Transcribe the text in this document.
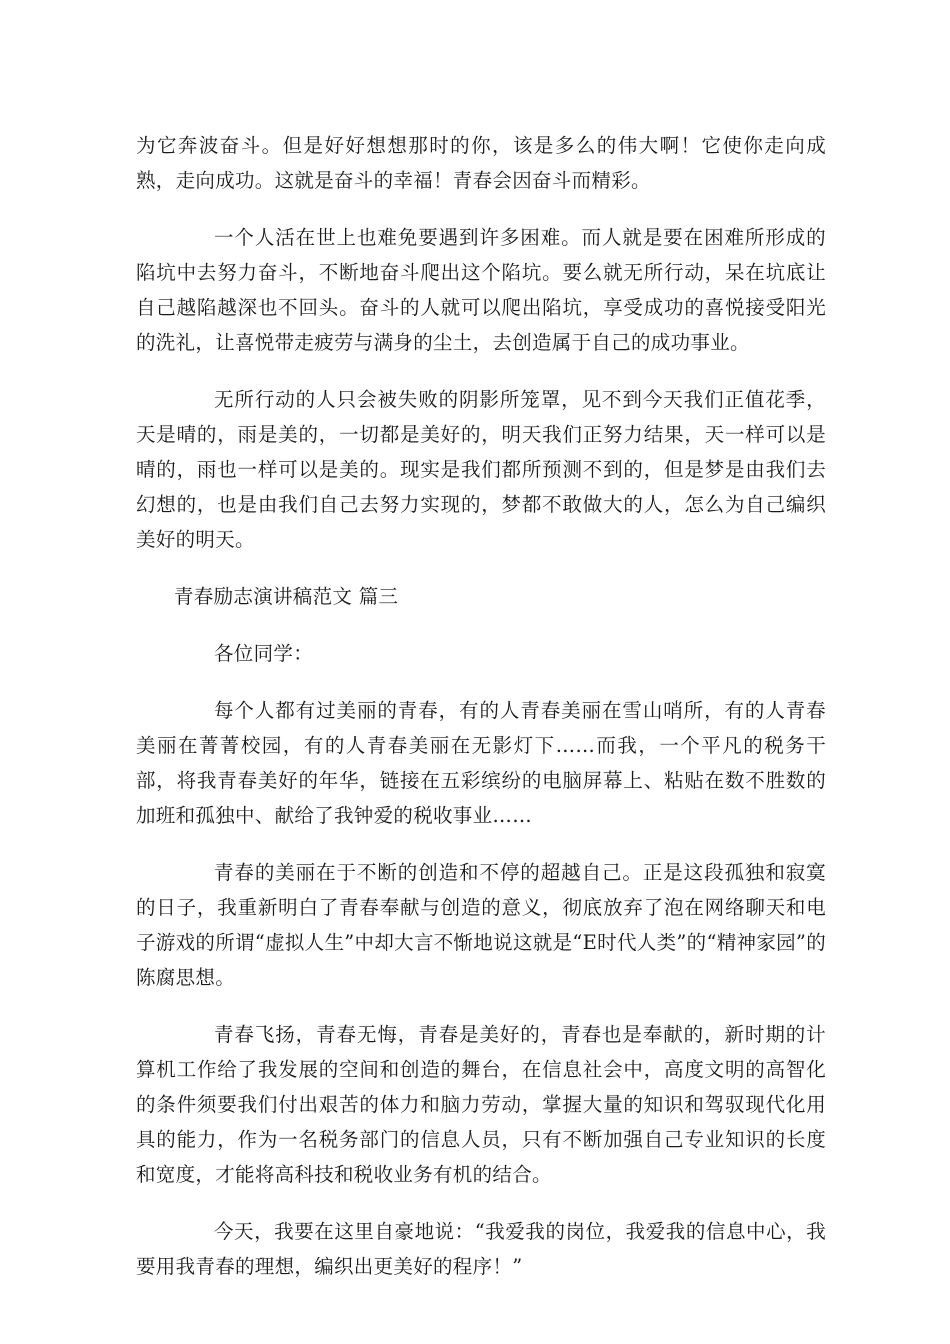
为它奔波奋斗。但是好好想想那时的你，该是多么的伟大啊！它使你走向成熟，走向成功。这就是奋斗的幸福！青春会因奋斗而精彩。

一个人活在世上也难免要遇到许多困难。而人就是要在困难所形成的陷坑中去努力奋斗，不断地奋斗爬出这个陷坑。要么就无所行动，呆在坑底让自己越陷越深也不回头。奋斗的人就可以爬出陷坑，享受成功的喜悦接受阳光的洗礼，让喜悦带走疲劳与满身的尘土，去创造属于自己的成功事业。

无所行动的人只会被失败的阴影所笼罩，见不到今天我们正值花季，天是晴的，雨是美的，一切都是美好的，明天我们正努力结果，天一样可以是晴的，雨也一样可以是美的。现实是我们都所预测不到的，但是梦是由我们去幻想的，也是由我们自己去努力实现的，梦都不敢做大的人，怎么为自己编织美好的明天。

青春励志演讲稿范文 篇三

各位同学：

每个人都有过美丽的青春，有的人青春美丽在雪山哨所，有的人青春美丽在菁菁校园，有的人青春美丽在无影灯下……而我，一个平凡的税务干部，将我青春美好的年华，链接在五彩缤纷的电脑屏幕上、粘贴在数不胜数的加班和孤独中、献给了我钟爱的税收事业……

青春的美丽在于不断的创造和不停的超越自己。正是这段孤独和寂寞的日子，我重新明白了青春奉献与创造的意义，彻底放弃了泡在网络聊天和电子游戏的所谓“虚拟人生”中却大言不惭地说这就是“E时代人类”的“精神家园”的陈腐思想。

青春飞扬，青春无悔，青春是美好的，青春也是奉献的，新时期的计算机工作给了我发展的空间和创造的舞台，在信息社会中，高度文明的高智化的条件须要我们付出艰苦的体力和脑力劳动，掌握大量的知识和驾驭现代化用具的能力，作为一名税务部门的信息人员，只有不断加强自己专业知识的长度和宽度，才能将高科技和税收业务有机的结合。

今天，我要在这里自豪地说：“我爱我的岗位，我爱我的信息中心，我要用我青春的理想，编织出更美好的程序！”
